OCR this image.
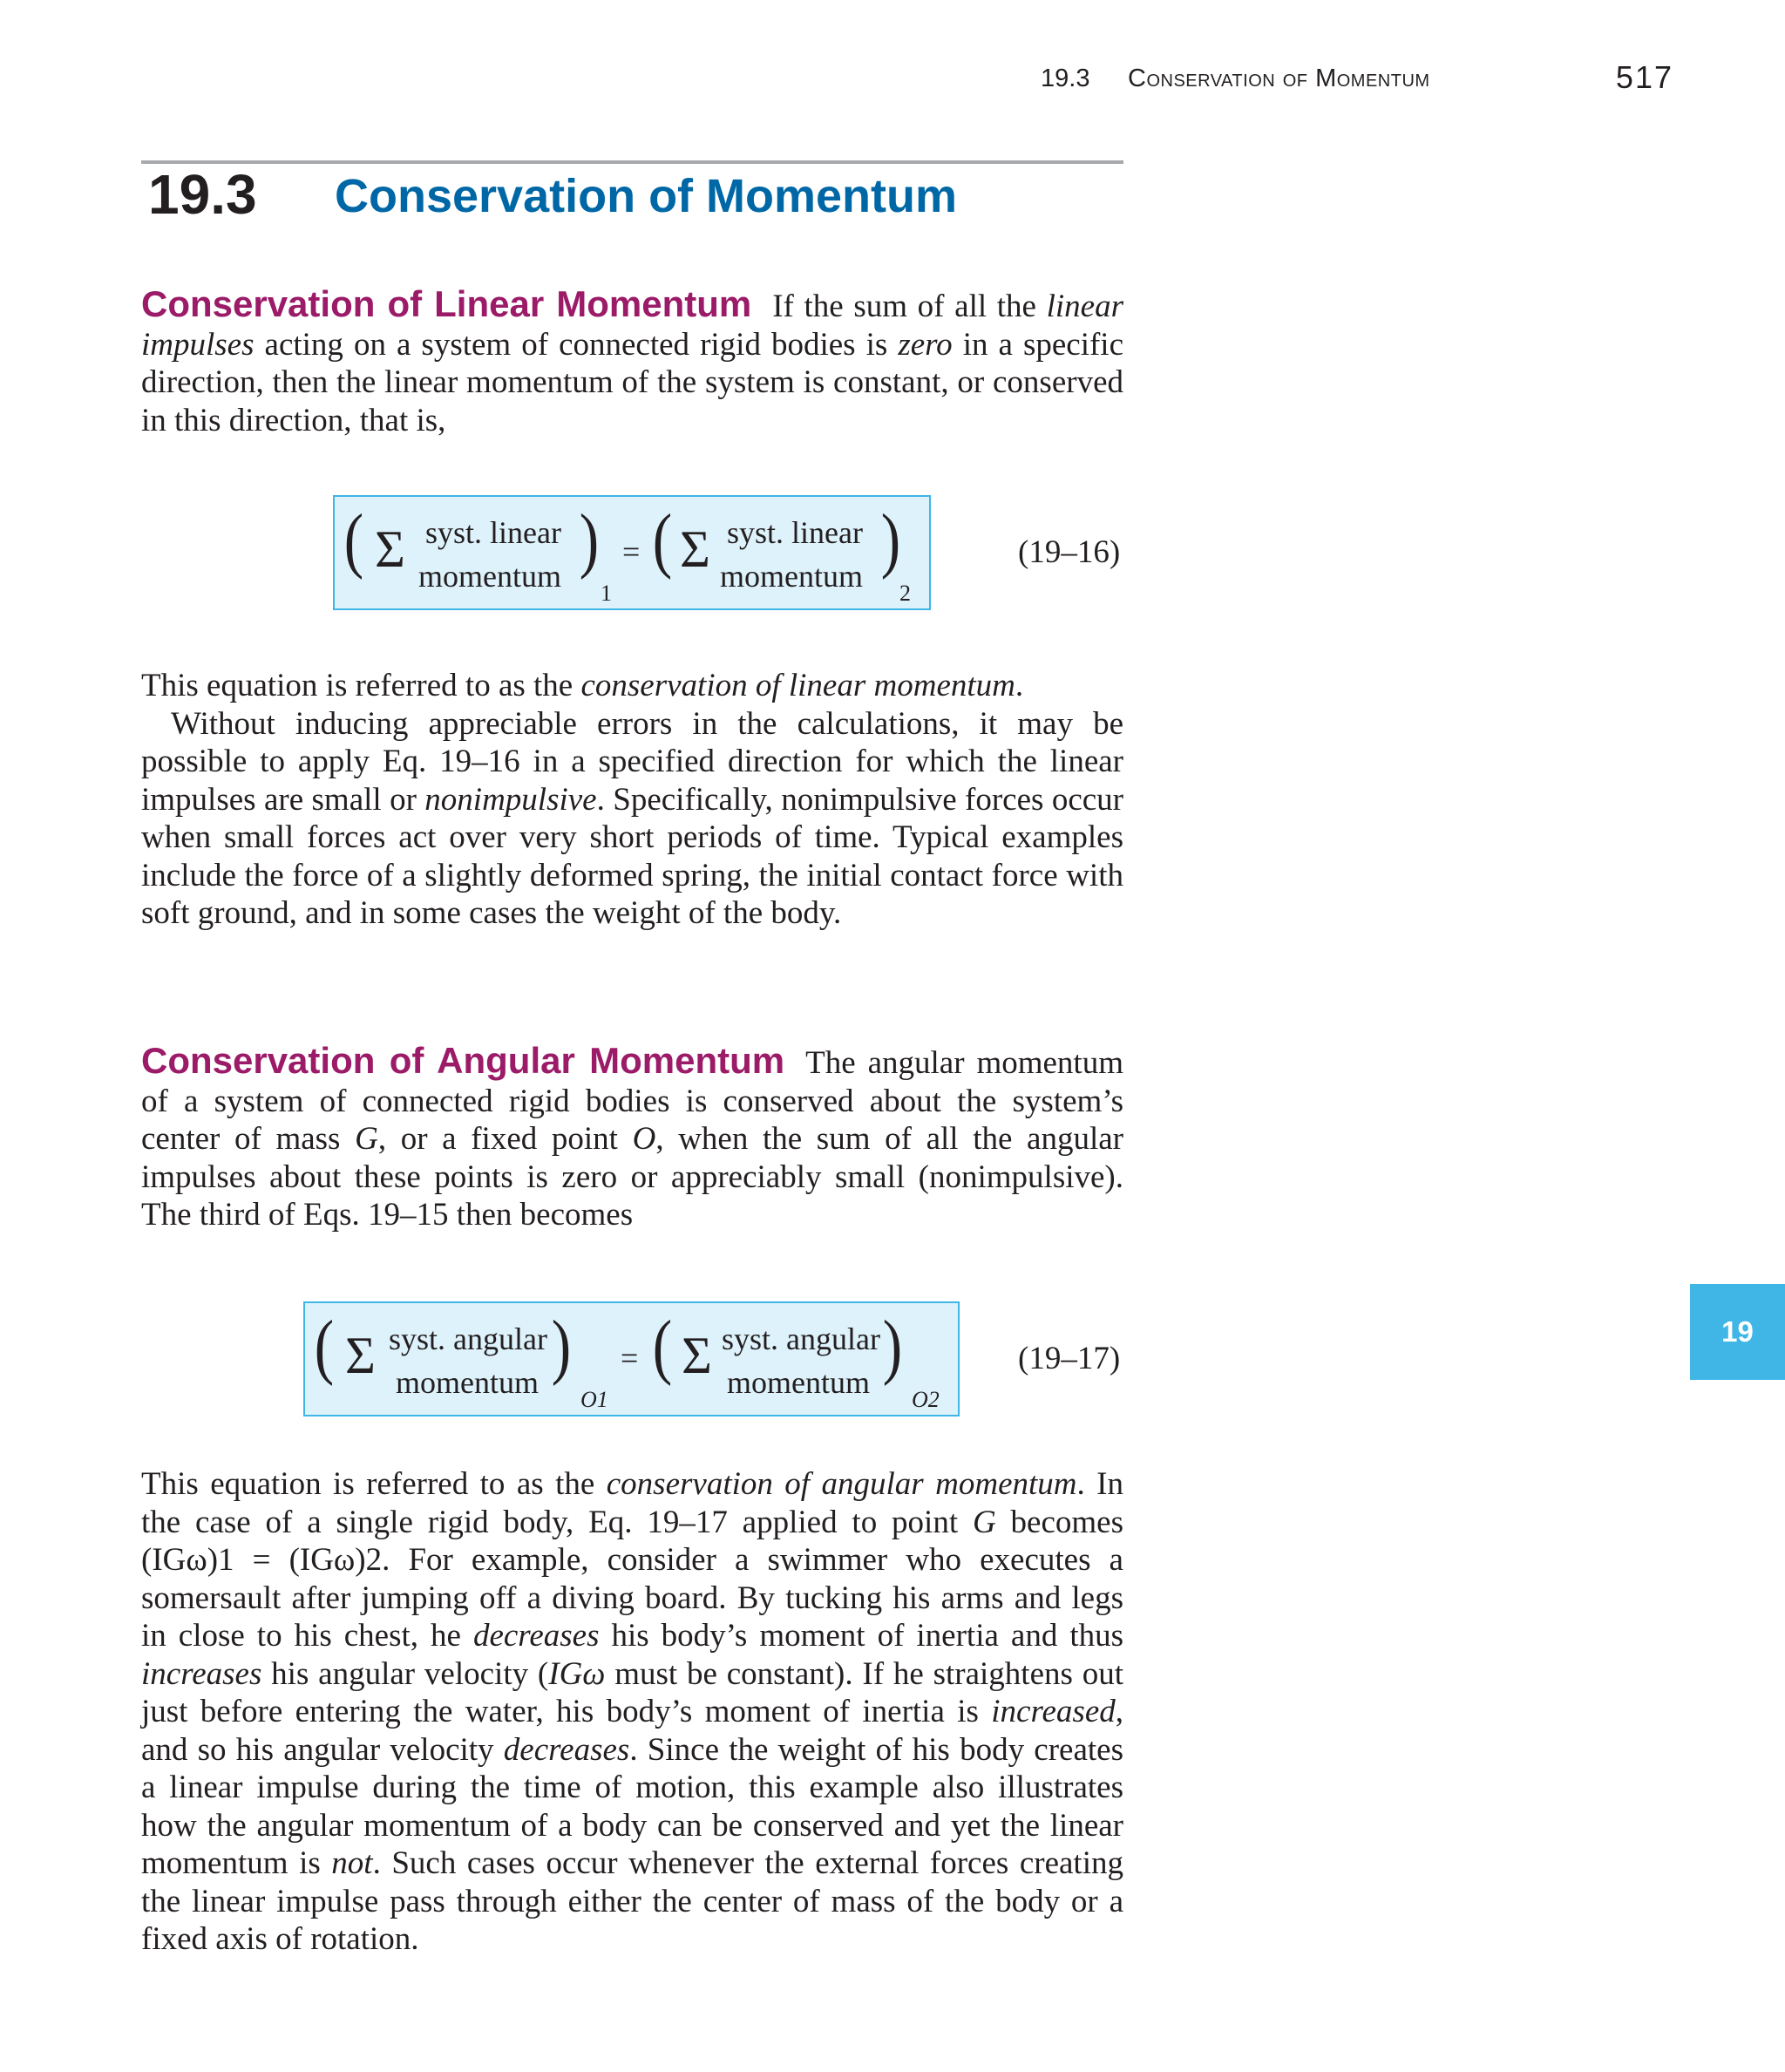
19.3 Conservation of Momentum	517
19.3 Conservation of Momentum

Conservation of Linear Momentum If the sum of all the linear impulses acting on a system of connected rigid bodies is zero in a specific direction, then the linear momentum of the system is constant, or conserved in this direction, that is,

( Σ syst. linear
momentum )
1
= ( Σ syst. linear
momentum )
2
(19–16)

This equation is referred to as the conservation of linear momentum.

Without inducing appreciable errors in the calculations, it may be possible to apply Eq. 19–16 in a specified direction for which the linear impulses are small or nonimpulsive. Specifically, nonimpulsive forces occur when small forces act over very short periods of time. Typical examples include the force of a slightly deformed spring, the initial contact force with soft ground, and in some cases the weight of the body.

Conservation of Angular Momentum The angular momentum of a system of connected rigid bodies is conserved about the system’s center of mass G, or a fixed point O, when the sum of all the angular impulses about these points is zero or appreciably small (nonimpulsive). The third of Eqs. 19–15 then becomes

( Σ syst. angular
momentum )
O1
= ( Σ syst. angular
momentum )
O2
(19–17)

This equation is referred to as the conservation of angular momentum. In the case of a single rigid body, Eq. 19–17 applied to point G becomes (IGω)1 = (IGω)2. For example, consider a swimmer who executes a somersault after jumping off a diving board. By tucking his arms and legs in close to his chest, he decreases his body’s moment of inertia and thus increases his angular velocity (IGω must be constant). If he straightens out just before entering the water, his body’s moment of inertia is increased, and so his angular velocity decreases. Since the weight of his body creates a linear impulse during the time of motion, this example also illustrates how the angular momentum of a body can be conserved and yet the linear momentum is not. Such cases occur whenever the external forces creating the linear impulse pass through either the center of mass of the body or a fixed axis of rotation.

19
